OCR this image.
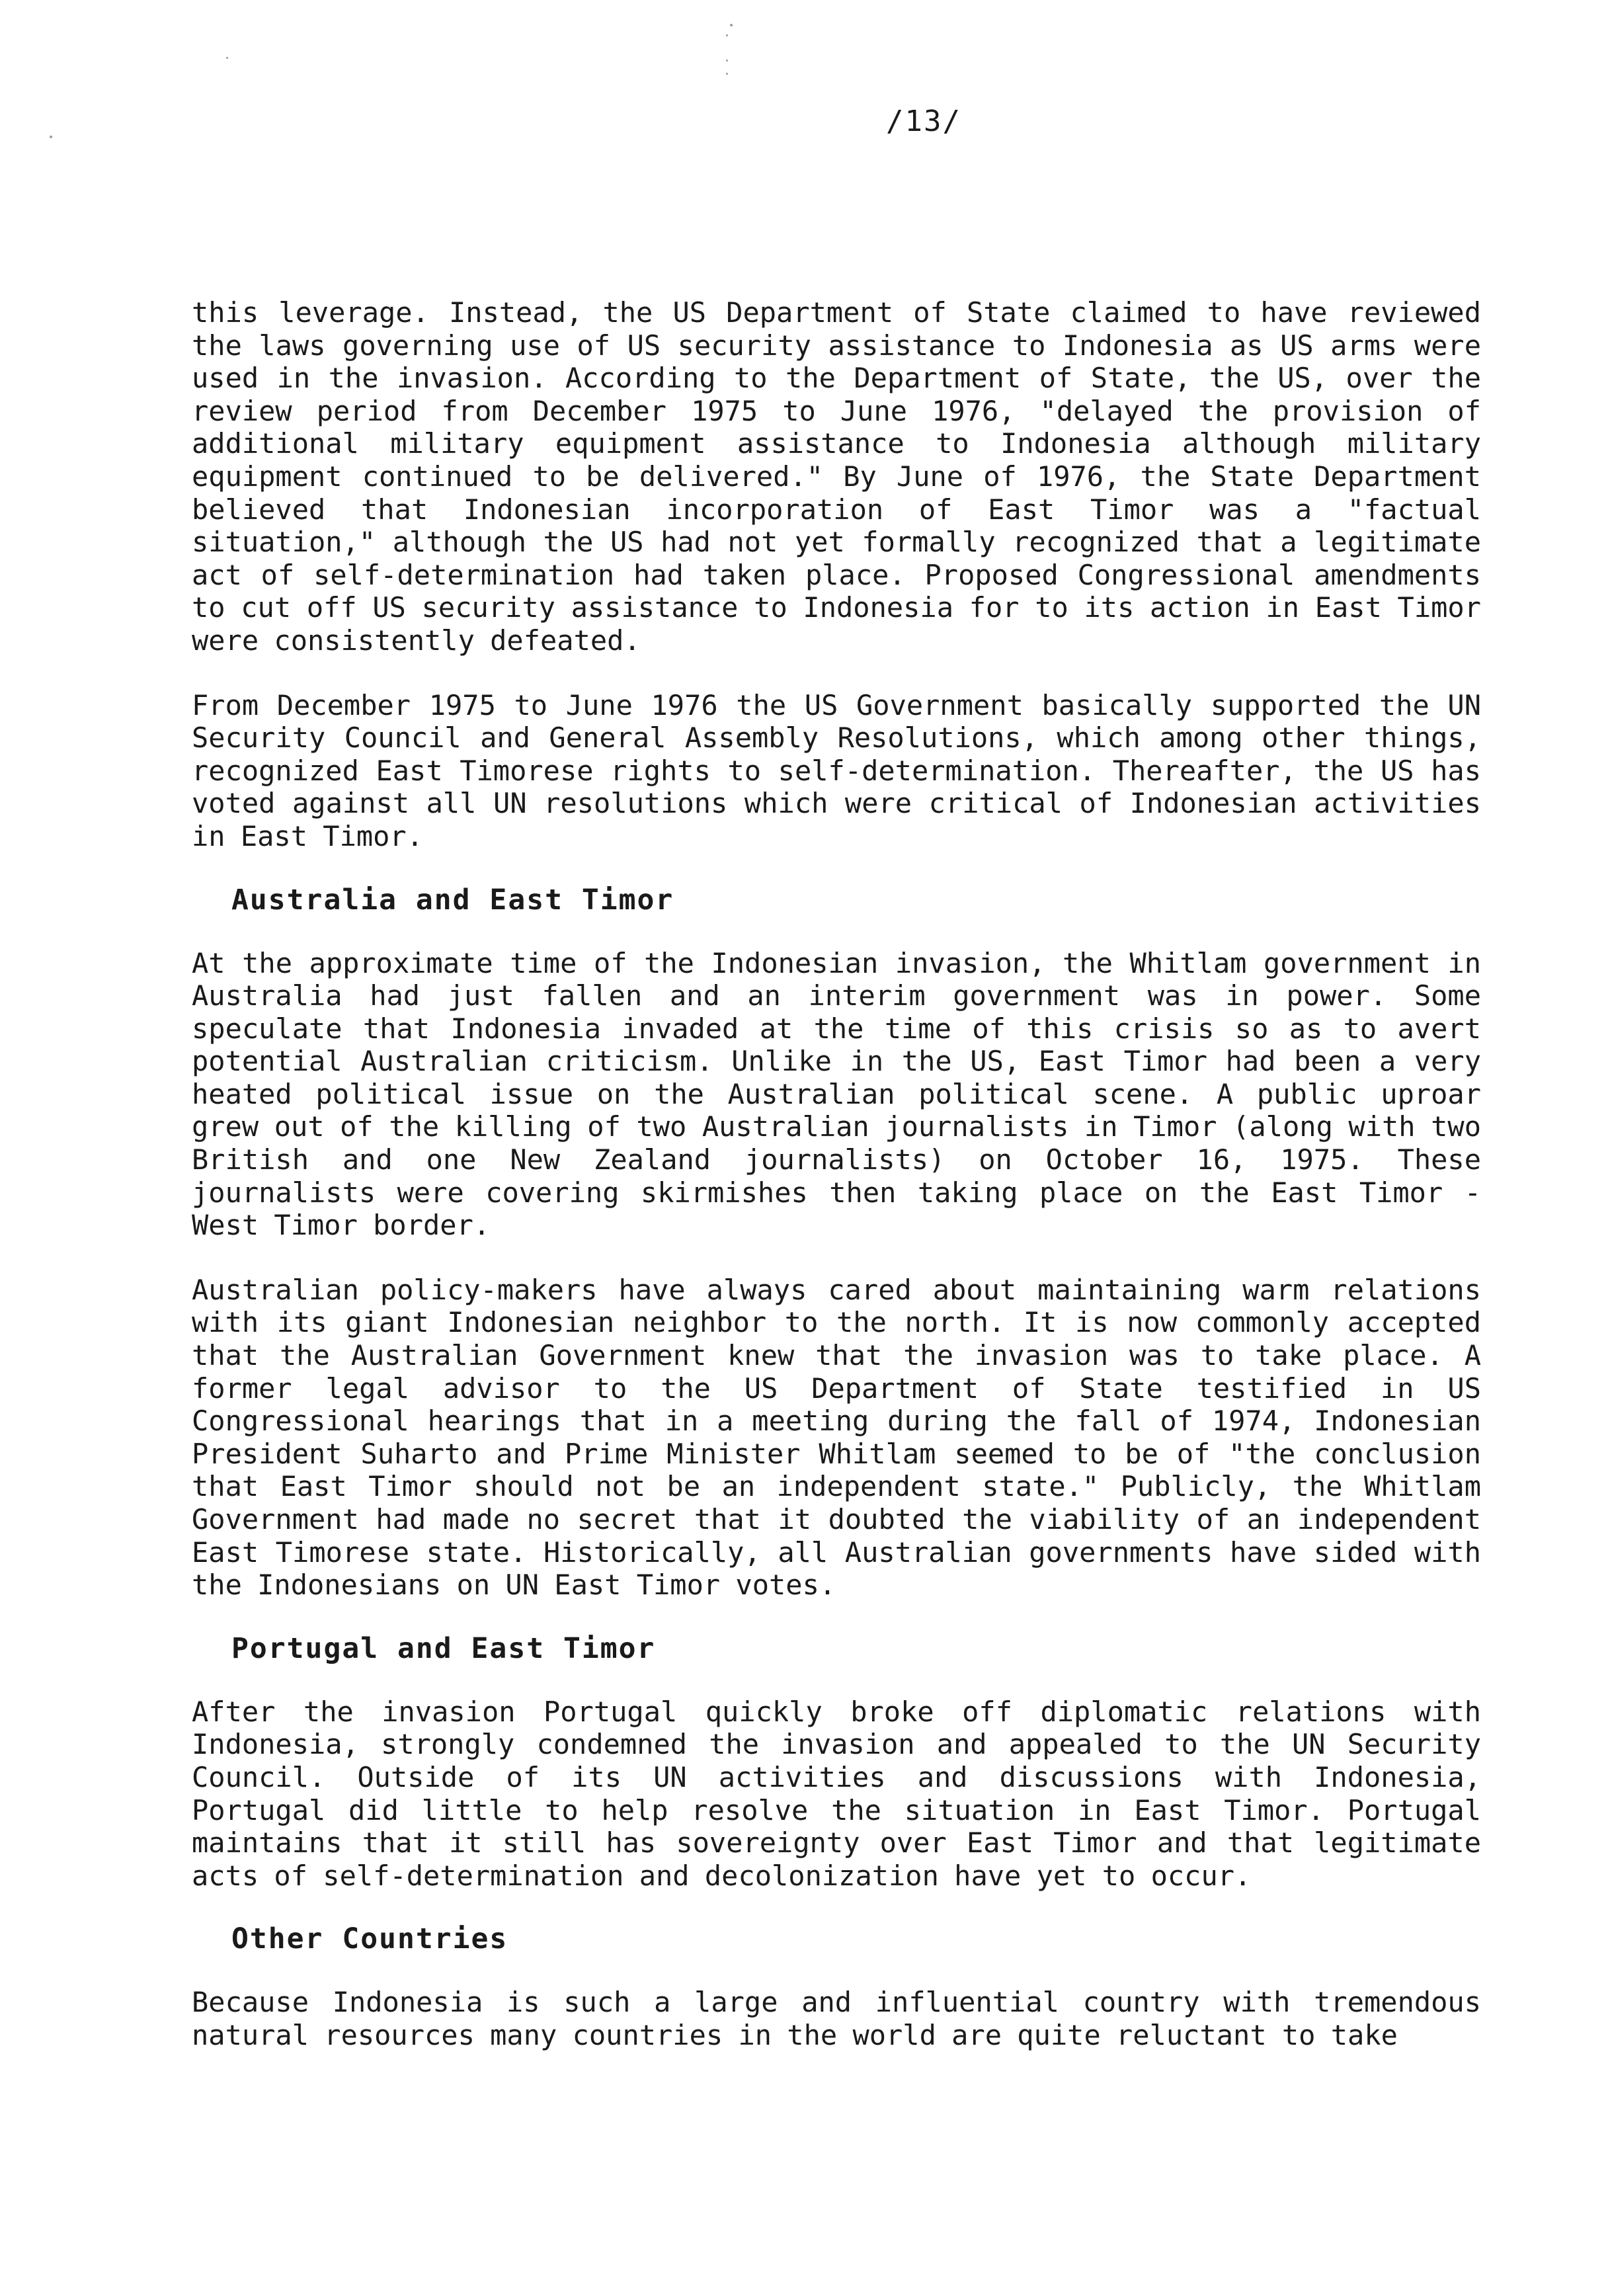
/13/

this leverage. Instead, the US Department of State claimed to have reviewed the laws governing use of US security assistance to Indonesia as US arms were used in the invasion. According to the Department of State, the US, over the review period from December 1975 to June 1976, "delayed the provision of additional military equipment assistance to Indonesia although military equipment continued to be delivered." By June of 1976, the State Department believed that Indonesian incorporation of East Timor was a "factual situation," although the US had not yet formally recognized that a legitimate act of self-determination had taken place. Proposed Congressional amendments to cut off US security assistance to Indonesia for to its action in East Timor were consistently defeated.

From December 1975 to June 1976 the US Government basically supported the UN Security Council and General Assembly Resolutions, which among other things, recognized East Timorese rights to self-determination. Thereafter, the US has voted against all UN resolutions which were critical of Indonesian activities in East Timor.

Australia and East Timor

At the approximate time of the Indonesian invasion, the Whitlam government in Australia had just fallen and an interim government was in power. Some speculate that Indonesia invaded at the time of this crisis so as to avert potential Australian criticism. Unlike in the US, East Timor had been a very heated political issue on the Australian political scene. A public uproar grew out of the killing of two Australian journalists in Timor (along with two British and one New Zealand journalists) on October 16, 1975. These journalists were covering skirmishes then taking place on the East Timor - West Timor border.

Australian policy-makers have always cared about maintaining warm relations with its giant Indonesian neighbor to the north. It is now commonly accepted that the Australian Government knew that the invasion was to take place. A former legal advisor to the US Department of State testified in US Congressional hearings that in a meeting during the fall of 1974, Indonesian President Suharto and Prime Minister Whitlam seemed to be of "the conclusion that East Timor should not be an independent state." Publicly, the Whitlam Government had made no secret that it doubted the viability of an independent East Timorese state. Historically, all Australian governments have sided with the Indonesians on UN East Timor votes.

Portugal and East Timor

After the invasion Portugal quickly broke off diplomatic relations with Indonesia, strongly condemned the invasion and appealed to the UN Security Council. Outside of its UN activities and discussions with Indonesia, Portugal did little to help resolve the situation in East Timor. Portugal maintains that it still has sovereignty over East Timor and that legitimate acts of self-determination and decolonization have yet to occur.

Other Countries

Because Indonesia is such a large and influential country with tremendous natural resources many countries in the world are quite reluctant to take
